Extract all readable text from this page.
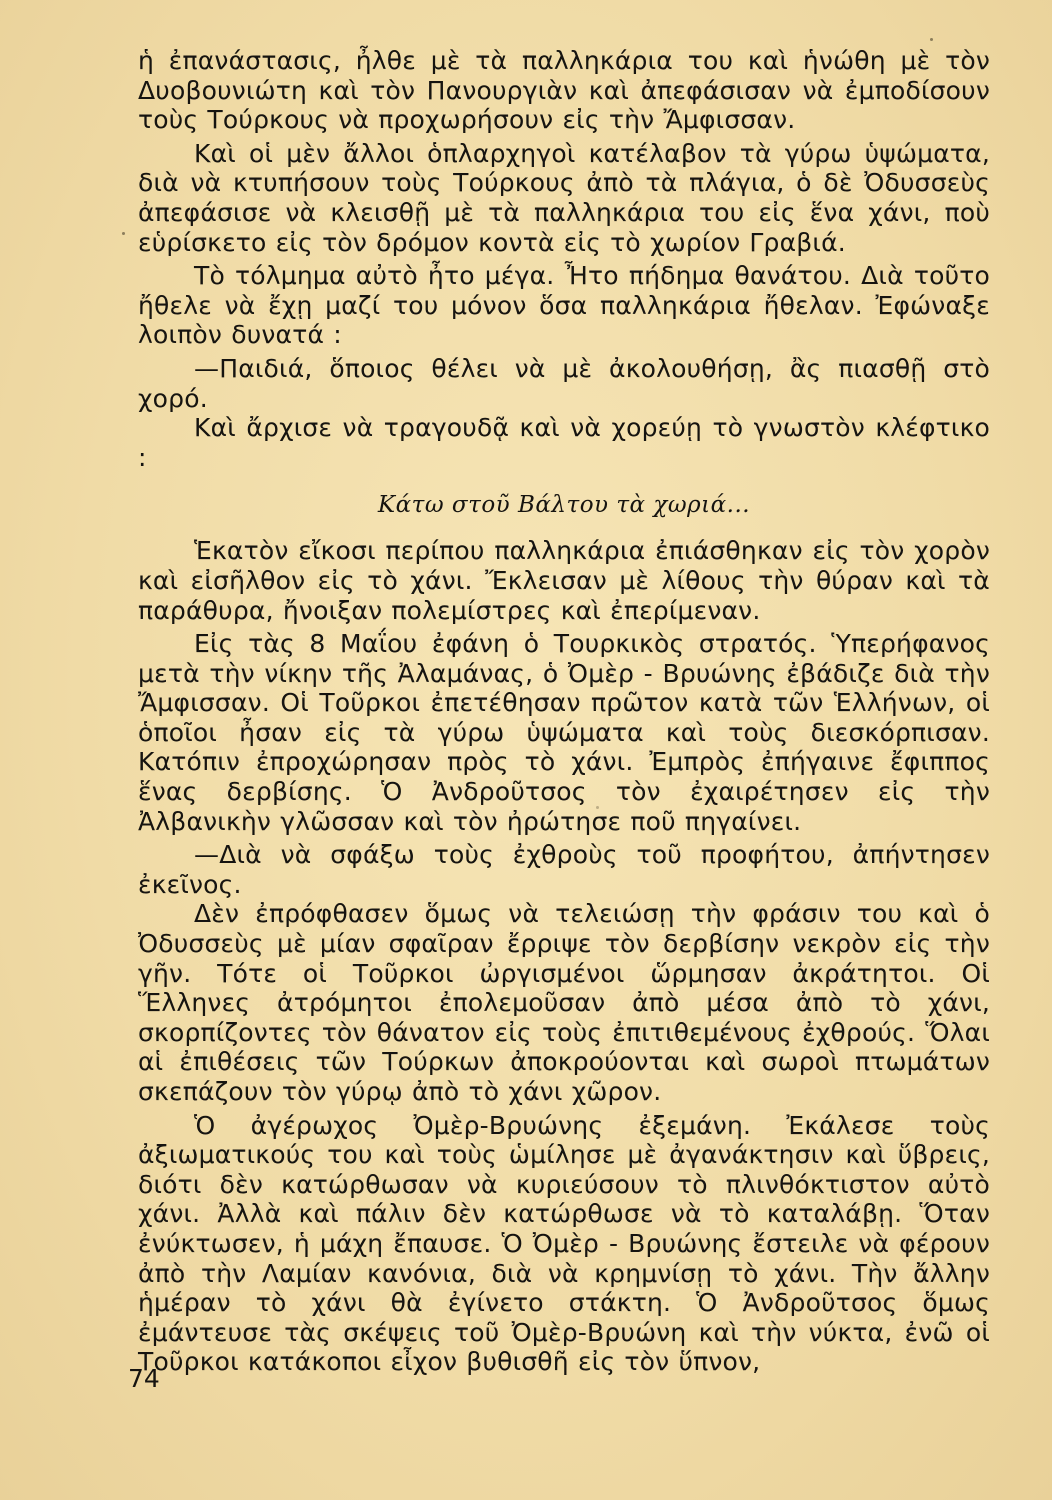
ἡ ἐπανάστασις, ἦλθε μὲ τὰ παλληκάρια του καὶ ἡνώθη μὲ τὸν Δυοβουνιώτη καὶ τὸν Πανουργιὰν καὶ ἀπεφάσισαν νὰ ἐμποδίσουν τοὺς Τούρκους νὰ προχωρήσουν εἰς τὴν Ἄμφισσαν.

Καὶ οἱ μὲν ἄλλοι ὁπλαρχηγοὶ κατέλαβον τὰ γύρω ὑψώματα, διὰ νὰ κτυπήσουν τοὺς Τούρκους ἀπὸ τὰ πλάγια, ὁ δὲ Ὀδυσσεὺς ἀπεφάσισε νὰ κλεισθῇ μὲ τὰ παλληκάρια του εἰς ἕνα χάνι, ποὺ εὑρίσκετο εἰς τὸν δρόμον κοντὰ εἰς τὸ χωρίον Γραβιά.

Τὸ τόλμημα αὐτὸ ἦτο μέγα. Ἦτο πήδημα θανάτου. Διὰ τοῦτο ἤθελε νὰ ἔχῃ μαζί του μόνον ὅσα παλληκάρια ἤθελαν. Ἐφώναξε λοιπὸν δυνατά :

—Παιδιά, ὅποιος θέλει νὰ μὲ ἀκολουθήσῃ, ἂς πιασθῇ στὸ χορό.

Καὶ ἄρχισε νὰ τραγουδᾷ καὶ νὰ χορεύῃ τὸ γνωστὸν κλέφτικο :

Κάτω στοῦ Βάλτου τὰ χωριά...

Ἑκατὸν εἴκοσι περίπου παλληκάρια ἐπιάσθηκαν εἰς τὸν χορὸν καὶ εἰσῆλθον εἰς τὸ χάνι. Ἔκλεισαν μὲ λίθους τὴν θύραν καὶ τὰ παράθυρα, ἤνοιξαν πολεμίστρες καὶ ἐπερίμεναν.

Εἰς τὰς 8 Μαΐου ἐφάνη ὁ Τουρκικὸς στρατός. Ὑπερήφανος μετὰ τὴν νίκην τῆς Ἀλαμάνας, ὁ Ὀμὲρ - Βρυώνης ἐβάδιζε διὰ τὴν Ἄμφισσαν. Οἱ Τοῦρκοι ἐπετέθησαν πρῶτον κατὰ τῶν Ἑλλήνων, οἱ ὁποῖοι ἦσαν εἰς τὰ γύρω ὑψώματα καὶ τοὺς διεσκόρπισαν. Κατόπιν ἐπροχώρησαν πρὸς τὸ χάνι. Ἐμπρὸς ἐπήγαινε ἔφιππος ἕνας δερβίσης. Ὁ Ἀνδροῦτσος τὸν ἐχαιρέτησεν εἰς τὴν Ἀλβανικὴν γλῶσσαν καὶ τὸν ἠρώτησε ποῦ πηγαίνει.

—Διὰ νὰ σφάξω τοὺς ἐχθροὺς τοῦ προφήτου, ἀπήντησεν ἐκεῖνος.

Δὲν ἐπρόφθασεν ὅμως νὰ τελειώσῃ τὴν φράσιν του καὶ ὁ Ὀδυσσεὺς μὲ μίαν σφαῖραν ἔρριψε τὸν δερβίσην νεκρὸν εἰς τὴν γῆν. Τότε οἱ Τοῦρκοι ὠργισμένοι ὥρμησαν ἀκράτητοι. Οἱ Ἕλληνες ἀτρόμητοι ἐπολεμοῦσαν ἀπὸ μέσα ἀπὸ τὸ χάνι, σκορπίζοντες τὸν θάνατον εἰς τοὺς ἐπιτιθεμένους ἐχθρούς. Ὅλαι αἱ ἐπιθέσεις τῶν Τούρκων ἀποκρούονται καὶ σωροὶ πτωμάτων σκεπάζουν τὸν γύρῳ ἀπὸ τὸ χάνι χῶρον.

Ὁ ἀγέρωχος Ὀμὲρ-Βρυώνης ἐξεμάνη. Ἐκάλεσε τοὺς ἀξιωματικούς του καὶ τοὺς ὡμίλησε μὲ ἀγανάκτησιν καὶ ὕβρεις, διότι δὲν κατώρθωσαν νὰ κυριεύσουν τὸ πλινθόκτιστον αὐτὸ χάνι. Ἀλλὰ καὶ πάλιν δὲν κατώρθωσε νὰ τὸ καταλάβῃ. Ὅταν ἐνύκτωσεν, ἡ μάχη ἔπαυσε. Ὁ Ὀμὲρ - Βρυώνης ἔστειλε νὰ φέρουν ἀπὸ τὴν Λαμίαν κανόνια, διὰ νὰ κρημνίσῃ τὸ χάνι. Τὴν ἄλλην ἡμέραν τὸ χάνι θὰ ἐγίνετο στάκτη. Ὁ Ἀνδροῦτσος ὅμως ἐμάντευσε τὰς σκέψεις τοῦ Ὀμὲρ-Βρυώνη καὶ τὴν νύκτα, ἐνῶ οἱ Τοῦρκοι κατάκοποι εἶχον βυθισθῆ εἰς τὸν ὕπνον,

74
